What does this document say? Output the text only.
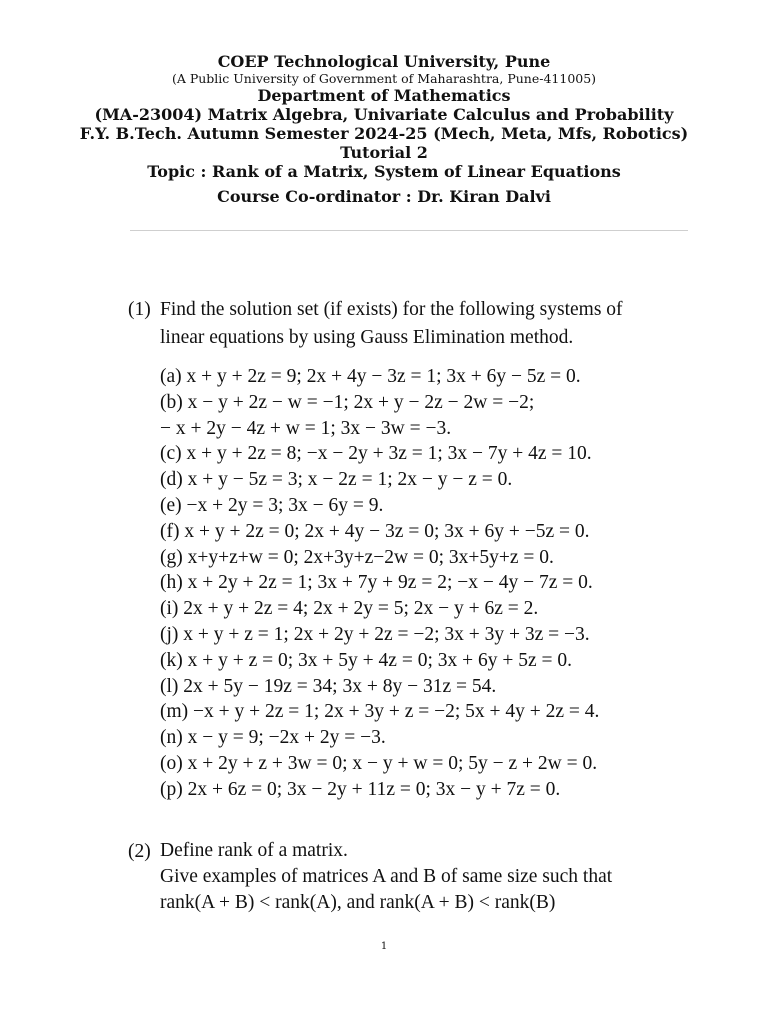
COEP Technological University, Pune
(A Public University of Government of Maharashtra, Pune-411005)
Department of Mathematics
(MA-23004) Matrix Algebra, Univariate Calculus and Probability
F.Y. B.Tech. Autumn Semester 2024-25 (Mech, Meta, Mfs, Robotics)
Tutorial 2
Topic : Rank of a Matrix, System of Linear Equations
Course Co-ordinator : Dr. Kiran Dalvi
(1) Find the solution set (if exists) for the following systems of
linear equations by using Gauss Elimination method.
(a) x + y + 2z = 9; 2x + 4y − 3z = 1; 3x + 6y − 5z = 0.
(b) x − y + 2z − w = −1; 2x + y − 2z − 2w = −2;
− x + 2y − 4z + w = 1; 3x − 3w = −3.
(c) x + y + 2z = 8; −x − 2y + 3z = 1; 3x − 7y + 4z = 10.
(d) x + y − 5z = 3; x − 2z = 1; 2x − y − z = 0.
(e) −x + 2y = 3; 3x − 6y = 9.
(f) x + y + 2z = 0; 2x + 4y − 3z = 0; 3x + 6y + −5z = 0.
(g) x+y+z+w = 0; 2x+3y+z−2w = 0; 3x+5y+z = 0.
(h) x + 2y + 2z = 1; 3x + 7y + 9z = 2; −x − 4y − 7z = 0.
(i) 2x + y + 2z = 4; 2x + 2y = 5; 2x − y + 6z = 2.
(j) x + y + z = 1; 2x + 2y + 2z = −2; 3x + 3y + 3z = −3.
(k) x + y + z = 0; 3x + 5y + 4z = 0; 3x + 6y + 5z = 0.
(l) 2x + 5y − 19z = 34; 3x + 8y − 31z = 54.
(m) −x + y + 2z = 1; 2x + 3y + z = −2; 5x + 4y + 2z = 4.
(n) x − y = 9; −2x + 2y = −3.
(o) x + 2y + z + 3w = 0; x − y + w = 0; 5y − z + 2w = 0.
(p) 2x + 6z = 0; 3x − 2y + 11z = 0; 3x − y + 7z = 0.
(2) Define rank of a matrix.
Give examples of matrices A and B of same size such that
rank(A + B) < rank(A), and rank(A + B) < rank(B)
1
